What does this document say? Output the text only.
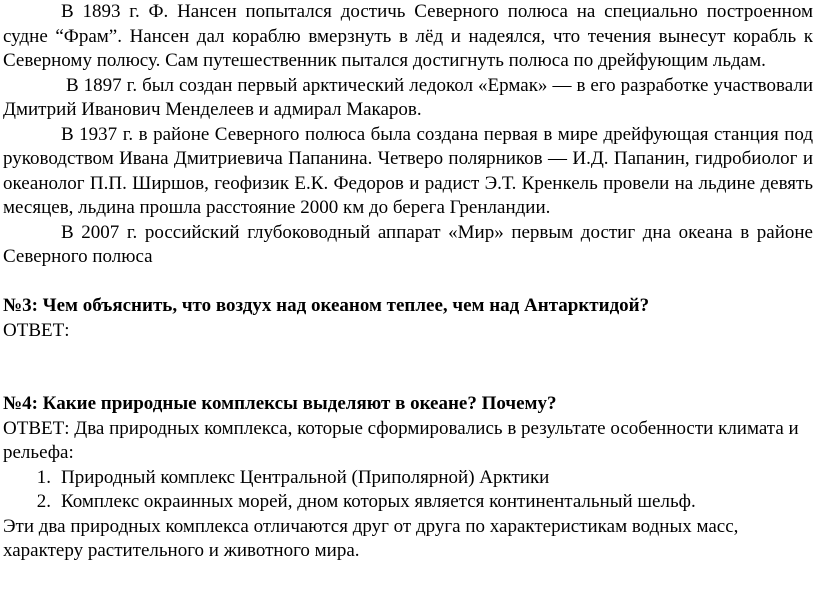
В 1893 г. Ф. Нансен попытался достичь Северного полюса на специально построенном судне “Фрам”. Нансен дал кораблю вмерзнуть в лёд и надеялся, что течения вынесут корабль к Северному полюсу. Сам путешественник пытался достигнуть полюса по дрейфующим льдам.

В 1897 г. был создан первый арктический ледокол «Ермак» — в его разработке участвовали Дмитрий Иванович Менделеев и адмирал Макаров.

В 1937 г. в районе Северного полюса была создана первая в мире дрейфующая станция под руководством Ивана Дмитриевича Папанина. Четверо полярников — И.Д. Папанин, гидробиолог и океанолог П.П. Ширшов, геофизик Е.К. Федоров и радист Э.Т. Кренкель провели на льдине девять месяцев, льдина прошла расстояние 2000 км до берега Гренландии.

В 2007 г. российский глубоководный аппарат «Мир» первым достиг дна океана в районе Северного полюса

№3: Чем объяснить, что воздух над океаном теплее, чем над Антарктидой?

ОТВЕТ:

№4: Какие природные комплексы выделяют в океане? Почему?

ОТВЕТ: Два природных комплекса, которые сформировались в результате особенности климата и рельефа:

1. Природный комплекс Центральной (Приполярной) Арктики
2. Комплекс окраинных морей, дном которых является континентальный шельф.

Эти два природных комплекса отличаются друг от друга по характеристикам водных масс, характеру растительного и животного мира.
